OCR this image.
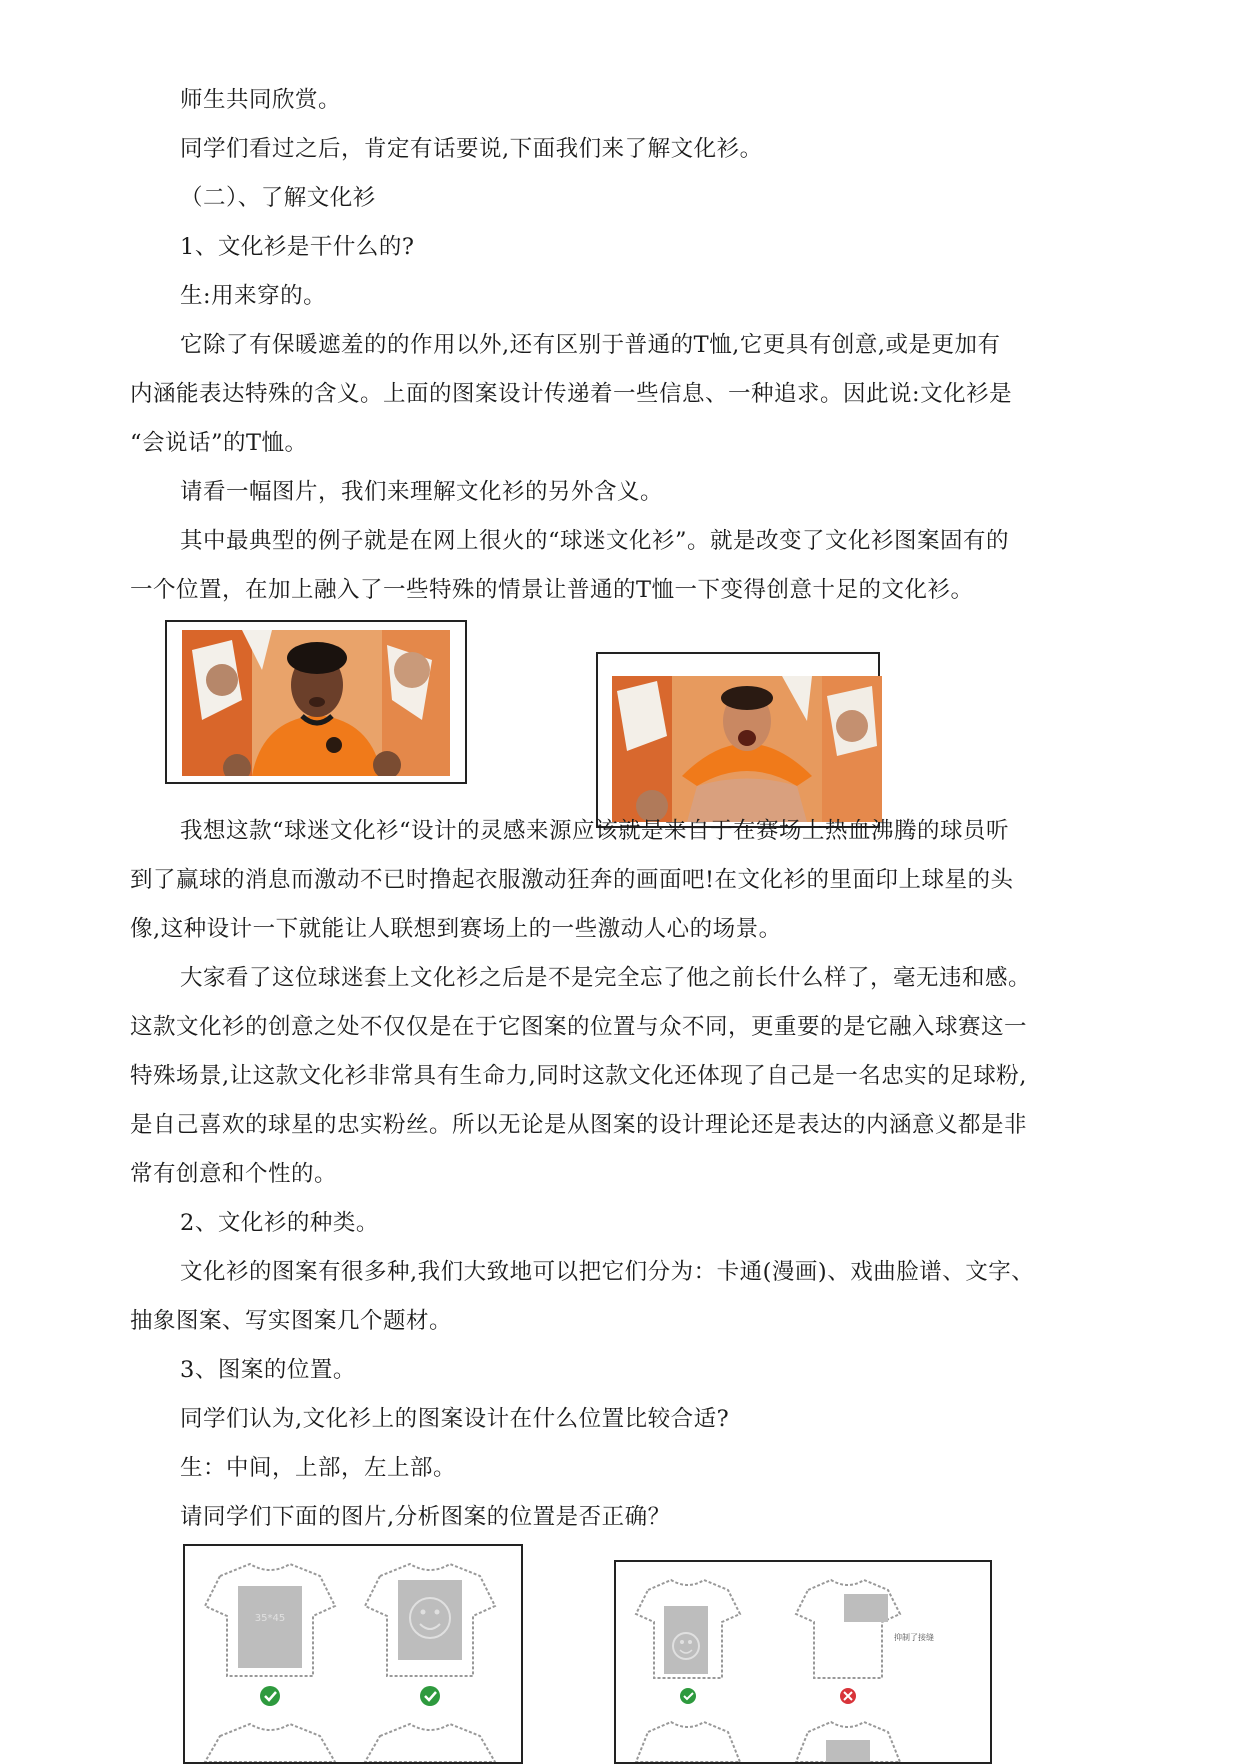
师生共同欣赏。
同学们看过之后，肯定有话要说,下面我们来了解文化衫。
（二）、了解文化衫
1、文化衫是干什么的?
生:用来穿的。
它除了有保暖遮羞的的作用以外,还有区别于普通的T恤,它更具有创意,或是更加有
内涵能表达特殊的含义。上面的图案设计传递着一些信息、一种追求。因此说:文化衫是
“会说话”的T恤。
请看一幅图片，我们来理解文化衫的另外含义。
其中最典型的例子就是在网上很火的“球迷文化衫”。就是改变了文化衫图案固有的
一个位置，在加上融入了一些特殊的情景让普通的T恤一下变得创意十足的文化衫。
我想这款“球迷文化衫“设计的灵感来源应该就是来自于在赛场上热血沸腾的球员听
到了赢球的消息而激动不已时撸起衣服激动狂奔的画面吧!在文化衫的里面印上球星的头
像,这种设计一下就能让人联想到赛场上的一些激动人心的场景。
大家看了这位球迷套上文化衫之后是不是完全忘了他之前长什么样了，毫无违和感。
这款文化衫的创意之处不仅仅是在于它图案的位置与众不同，更重要的是它融入球赛这一
特殊场景,让这款文化衫非常具有生命力,同时这款文化还体现了自己是一名忠实的足球粉,
是自己喜欢的球星的忠实粉丝。所以无论是从图案的设计理论还是表达的内涵意义都是非
常有创意和个性的。
2、文化衫的种类。
文化衫的图案有很多种,我们大致地可以把它们分为：卡通(漫画)、戏曲脸谱、文字、
抽象图案、写实图案几个题材。
3、图案的位置。
同学们认为,文化衫上的图案设计在什么位置比较合适?
生：中间，上部，左上部。
请同学们下面的图片,分析图案的位置是否正确？
35*45
抑制了接缝
